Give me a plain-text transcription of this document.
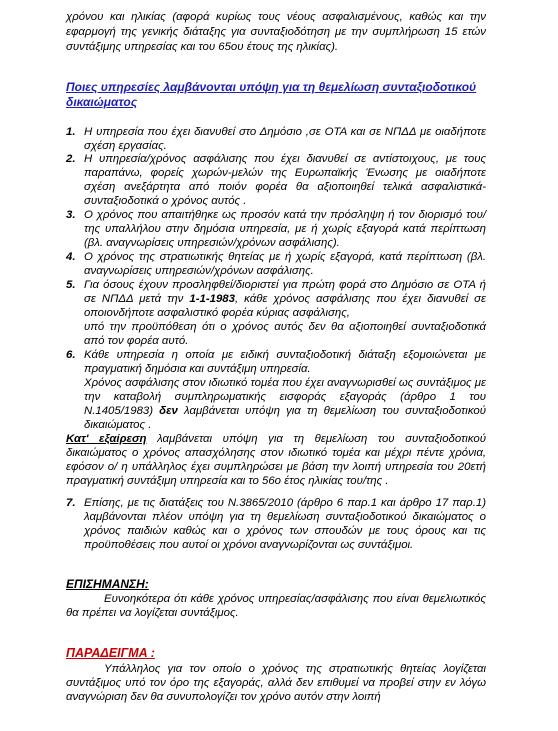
χρόνου και ηλικίας (αφορά κυρίως τους νέους ασφαλισμένους, καθώς και την εφαρμογή της γενικής διάταξης για συνταξιοδότηση με την συμπλήρωση 15 ετών συντάξιμης υπηρεσίας και του 65ου έτους της ηλικίας).

Ποιες υπηρεσίες λαμβάνονται υπόψη για τη θεμελίωση συνταξιοδοτικού δικαιώματος

1. Η υπηρεσία που έχει διανυθεί στο Δημόσιο ,σε ΟΤΑ και σε ΝΠΔΔ με οιαδήποτε σχέση εργασίας.

2. Η υπηρεσία/χρόνος ασφάλισης που έχει διανυθεί σε αντίστοιχους, με τους παραπάνω, φορείς χωρών-μελών της Ευρωπαϊκής Ένωσης με οιαδήποτε σχέση ανεξάρτητα από ποιόν φορέα θα αξιοποιηθεί τελικά ασφαλιστικά-συνταξιοδοτικά ο χρόνος αυτός .

3. Ο χρόνος που απαιτήθηκε ως προσόν κατά την πρόσληψη ή τον διορισμό του/της υπαλλήλου στην δημόσια υπηρεσία, με ή χωρίς εξαγορά κατά περίπτωση (βλ. αναγνωρίσεις υπηρεσιών/χρόνων ασφάλισης).

4. Ο χρόνος της στρατιωτικής θητείας με ή χωρίς εξαγορά, κατά περίπτωση (βλ. αναγνωρίσεις υπηρεσιών/χρόνων ασφάλισης.

5. Για όσους έχουν προσληφθεί/διοριστεί για πρώτη φορά στο Δημόσιο σε ΟΤΑ ή σε ΝΠΔΔ μετά την 1-1-1983, κάθε χρόνος ασφάλισης που έχει διανυθεί σε οποιονδήποτε ασφαλιστικό φορέα κύριας ασφάλισης,

υπό την προϋπόθεση ότι ο χρόνος αυτός δεν θα αξιοποιηθεί συνταξιοδοτικά από τον φορέα αυτό.

6. Κάθε υπηρεσία η οποία με ειδική συνταξιοδοτική διάταξη εξομοιώνεται με πραγματική δημόσια και συντάξιμη υπηρεσία.

Χρόνος ασφάλισης στον ιδιωτικό τομέα που έχει αναγνωρισθεί ως συντάξιμος με την καταβολή συμπληρωματικής εισφοράς εξαγοράς (άρθρο 1 του Ν.1405/1983) δεν λαμβάνεται υπόψη για τη θεμελίωση του συνταξιοδοτικού δικαιώματος .

Κατ' εξαίρεση λαμβάνεται υπόψη για τη θεμελίωση του συνταξιοδοτικού δικαιώματος ο χρόνος απασχόλησης στον ιδιωτικό τομέα και μέχρι πέντε χρόνια, εφόσον ο/ η υπάλληλος έχει συμπληρώσει με βάση την λοιπή υπηρεσία του 20ετή πραγματική συντάξιμη υπηρεσία και το 56ο έτος ηλικίας του/της .

7. Επίσης, με τις διατάξεις του Ν.3865/2010 (άρθρο 6 παρ.1 και άρθρο 17 παρ.1) λαμβάνονται πλέον υπόψη για τη θεμελίωση συνταξιοδοτικού δικαιώματος ο χρόνος παιδιών καθώς και ο χρόνος των σπουδών με τους όρους και τις προϋποθέσεις που αυτοί οι χρόνοι αναγνωρίζονται ως συντάξιμοι.

ΕΠΙΣΗΜΑΝΣΗ:

Ευνοηκότερα ότι κάθε χρόνος υπηρεσίας/ασφάλισης που είναι θεμελιωτικός θα πρέπει να λογίζεται συντάξιμος.

ΠΑΡΑΔΕΙΓΜΑ :

Υπάλληλος για τον οποίο ο χρόνος της στρατιωτικής θητείας λογίζεται συντάξιμος υπό τον όρο της εξαγοράς, αλλά δεν επιθυμεί να προβεί στην εν λόγω αναγνώριση δεν θα συνυπολογίζει τον χρόνο αυτόν στην λοιπή
